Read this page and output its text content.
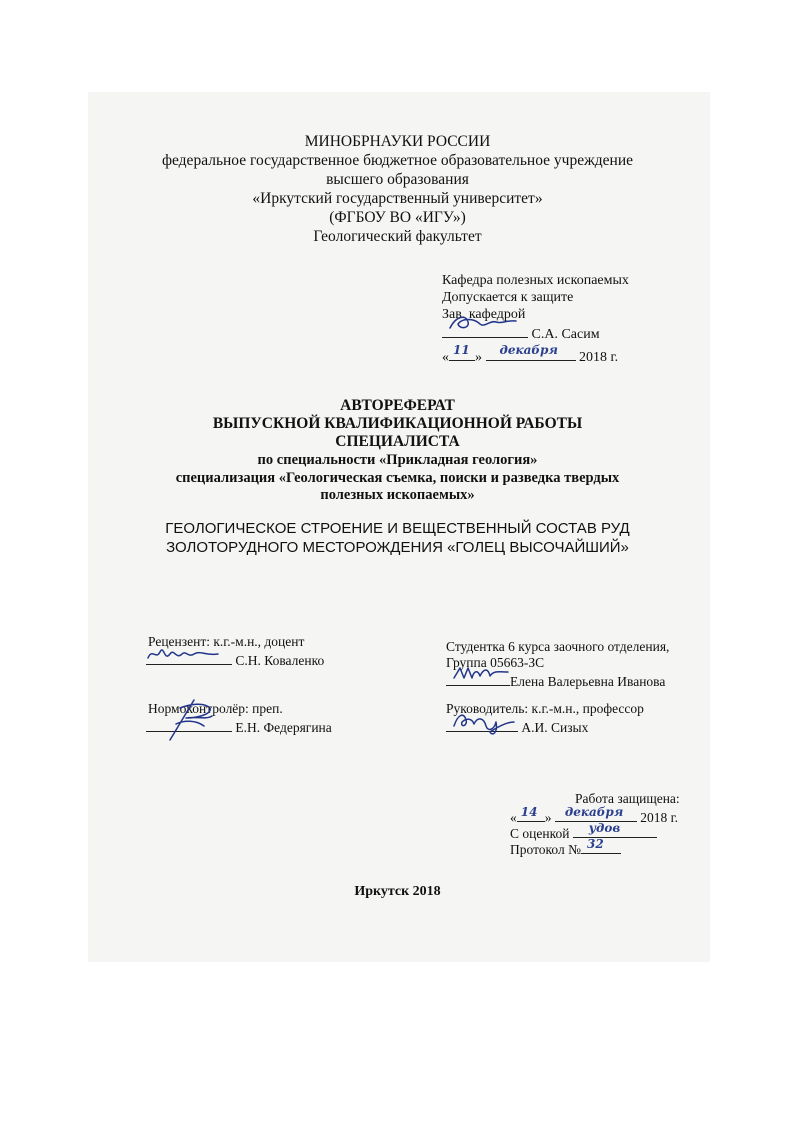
МИНОБРНАУКИ РОССИИ
федеральное государственное бюджетное образовательное учреждение
высшего образования
«Иркутский государственный университет»
(ФГБОУ ВО «ИГУ»)
Геологический факультет
Кафедра полезных ископаемых
Допускается к защите
Зав. кафедрой
С.А. Сасим
« 11 » декабря 2018 г.
АВТОРЕФЕРАТ
ВЫПУСКНОЙ КВАЛИФИКАЦИОННОЙ РАБОТЫ
СПЕЦИАЛИСТА
по специальности «Прикладная геология»
специализация «Геологическая съемка, поиски и разведка твердых
полезных ископаемых»
ГЕОЛОГИЧЕСКОЕ СТРОЕНИЕ И ВЕЩЕСТВЕННЫЙ СОСТАВ РУД
ЗОЛОТОРУДНОГО МЕСТОРОЖДЕНИЯ «ГОЛЕЦ ВЫСОЧАЙШИЙ»
Рецензент: к.г.-м.н., доцент
С.Н. Коваленко
Студентка 6 курса заочного отделения,
Группа 05663-ЗС
Елена Валерьевна Иванова
Нормоконтролёр: преп.
Е.Н. Федерягина
Руководитель: к.г.-м.н., профессор
А.И. Сизых
Работа защищена:
« 14 » декабря 2018 г.
С оценкой удов
Протокол № 32
Иркутск 2018
